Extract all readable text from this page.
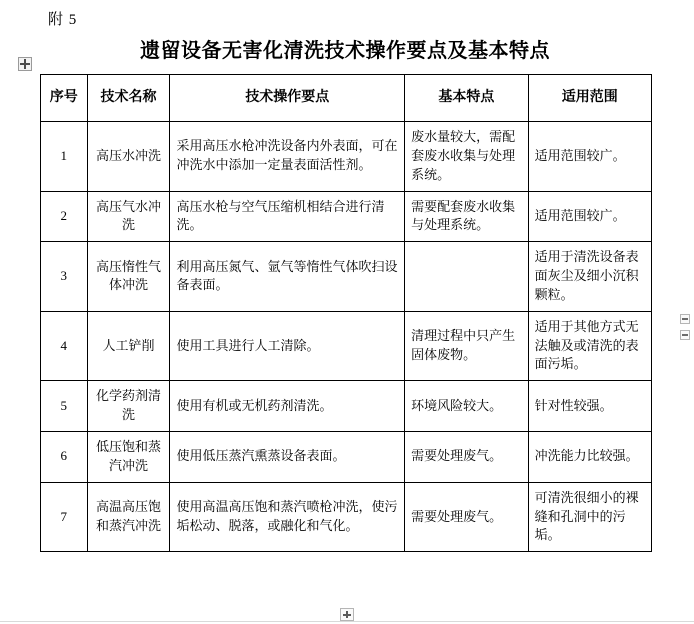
附 5
遗留设备无害化清洗技术操作要点及基本特点
序号	技术名称	技术操作要点	基本特点	适用范围
1	高压水冲洗	采用高压水枪冲洗设备内外表面，可在冲洗水中添加一定量表面活性剂。	废水量较大，需配套废水收集与处理系统。	适用范围较广。
2	高压气水冲洗	高压水枪与空气压缩机相结合进行清洗。	需要配套废水收集与处理系统。	适用范围较广。
3	高压惰性气体冲洗	利用高压氮气、氩气等惰性气体吹扫设备表面。		适用于清洗设备表面灰尘及细小沉积颗粒。
4	人工铲削	使用工具进行人工清除。	清理过程中只产生固体废物。	适用于其他方式无法触及或清洗的表面污垢。
5	化学药剂清洗	使用有机或无机药剂清洗。	环境风险较大。	针对性较强。
6	低压饱和蒸汽冲洗	使用低压蒸汽熏蒸设备表面。	需要处理废气。	冲洗能力比较强。
7	高温高压饱和蒸汽冲洗	使用高温高压饱和蒸汽喷枪冲洗，使污垢松动、脱落，或融化和气化。	需要处理废气。	可清洗很细小的裸缝和孔洞中的污垢。
